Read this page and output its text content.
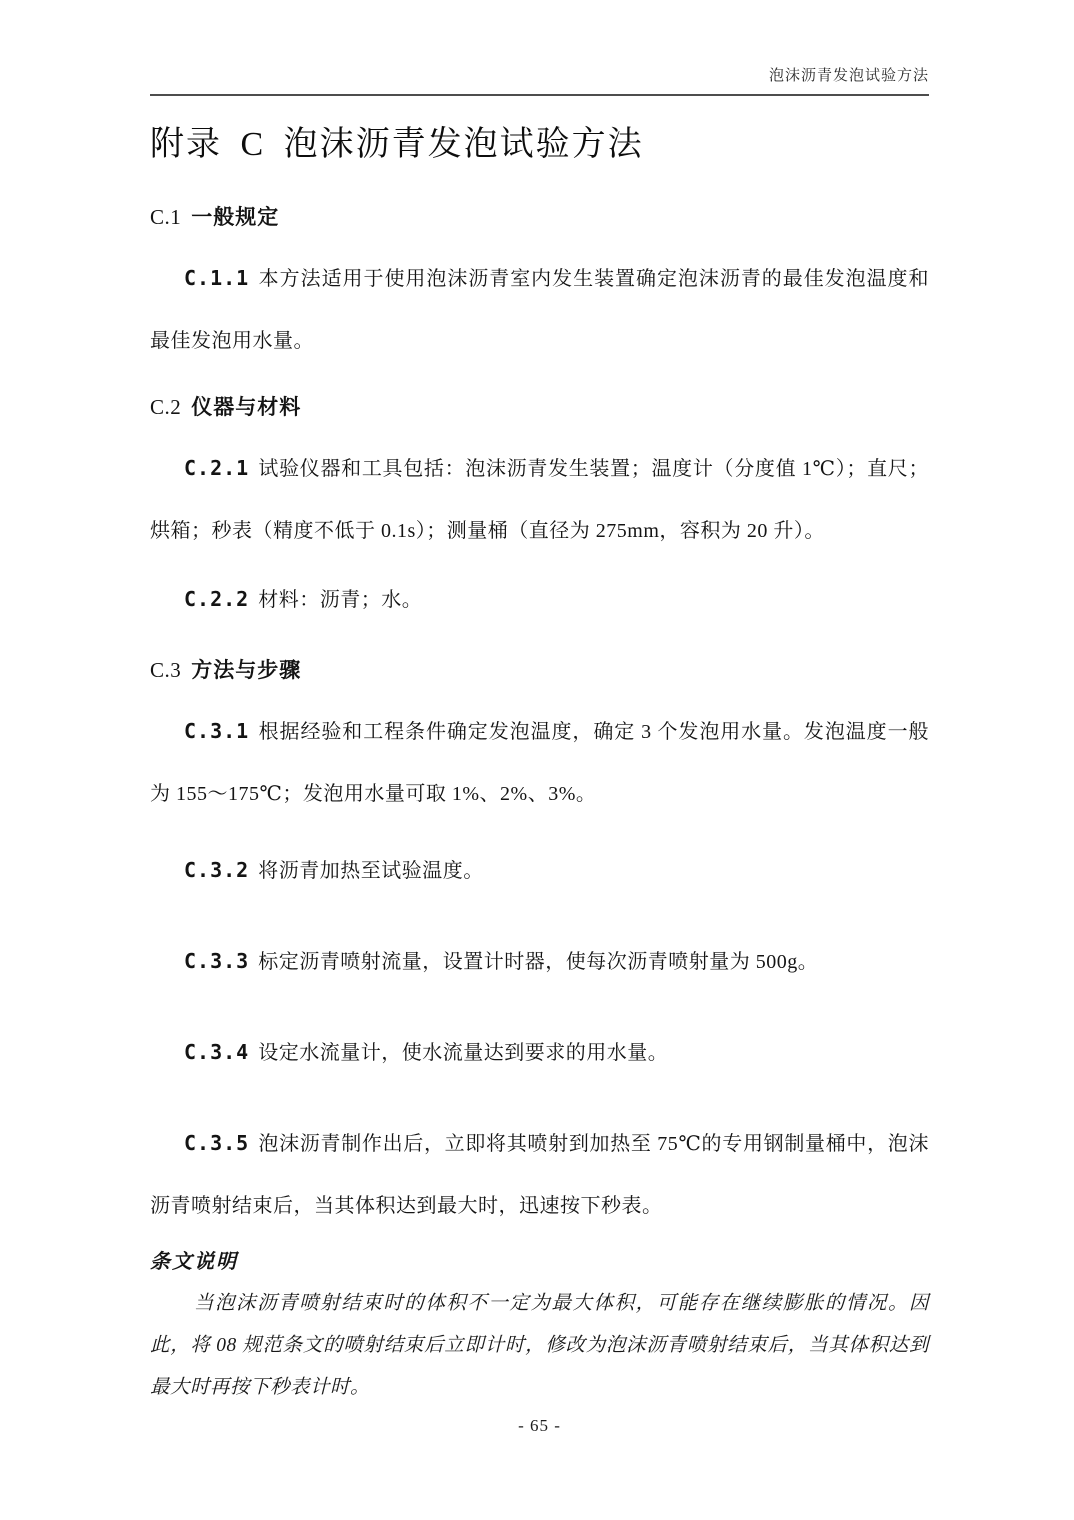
泡沫沥青发泡试验方法
附录 C 泡沫沥青发泡试验方法
C.1 一般规定

C.1.1 本方法适用于使用泡沫沥青室内发生装置确定泡沫沥青的最佳发泡温度和最佳发泡用水量。

C.2 仪器与材料

C.2.1 试验仪器和工具包括：泡沫沥青发生装置；温度计（分度值 1℃）；直尺；烘箱；秒表（精度不低于 0.1s）；测量桶（直径为 275mm，容积为 20 升）。

C.2.2 材料：沥青；水。

C.3 方法与步骤

C.3.1 根据经验和工程条件确定发泡温度，确定 3 个发泡用水量。发泡温度一般为 155～175℃；发泡用水量可取 1%、2%、3%。

C.3.2 将沥青加热至试验温度。

C.3.3 标定沥青喷射流量，设置计时器，使每次沥青喷射量为 500g。

C.3.4 设定水流量计，使水流量达到要求的用水量。

C.3.5 泡沫沥青制作出后，立即将其喷射到加热至 75℃的专用钢制量桶中，泡沫沥青喷射结束后，当其体积达到最大时，迅速按下秒表。

条文说明

当泡沫沥青喷射结束时的体积不一定为最大体积，可能存在继续膨胀的情况。因此，将 08 规范条文的喷射结束后立即计时，修改为泡沫沥青喷射结束后，当其体积达到最大时再按下秒表计时。

- 65 -
